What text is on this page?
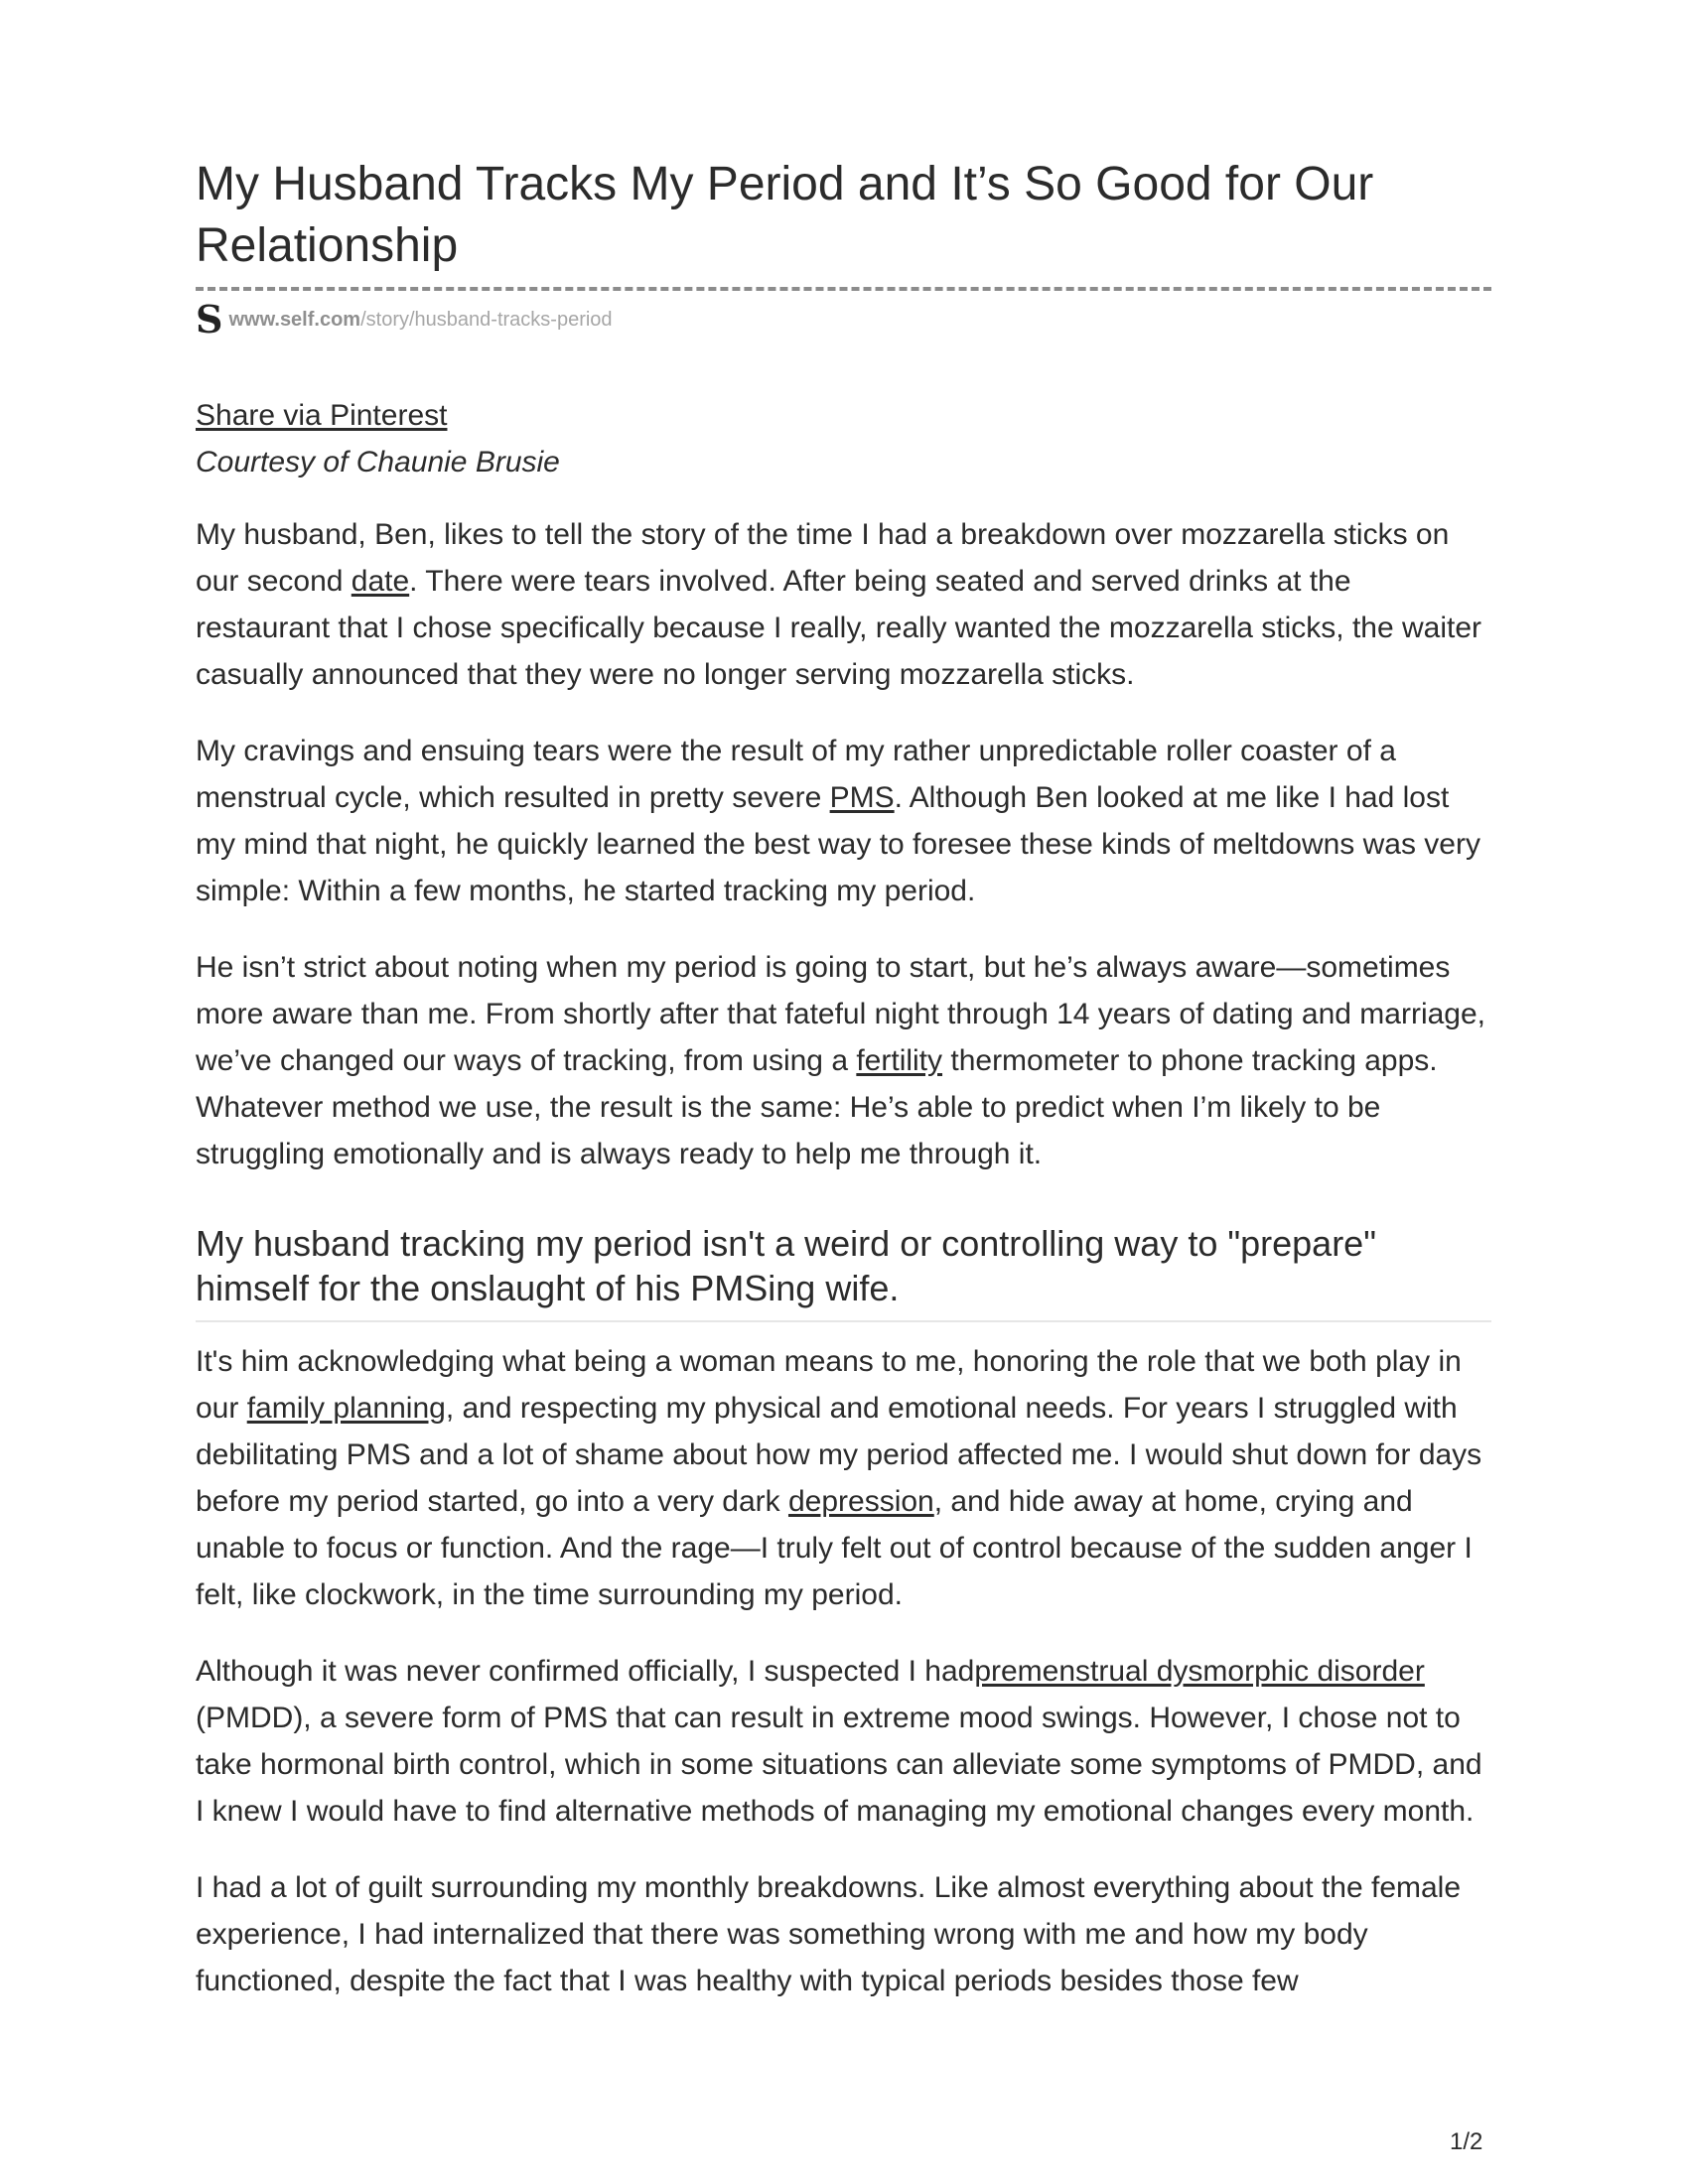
My Husband Tracks My Period and It’s So Good for Our Relationship
S www.self.com/story/husband-tracks-period
Share via Pinterest

Courtesy of Chaunie Brusie

My husband, Ben, likes to tell the story of the time I had a breakdown over mozzarella sticks on our second date. There were tears involved. After being seated and served drinks at the restaurant that I chose specifically because I really, really wanted the mozzarella sticks, the waiter casually announced that they were no longer serving mozzarella sticks.

My cravings and ensuing tears were the result of my rather unpredictable roller coaster of a menstrual cycle, which resulted in pretty severe PMS. Although Ben looked at me like I had lost my mind that night, he quickly learned the best way to foresee these kinds of meltdowns was very simple: Within a few months, he started tracking my period.

He isn’t strict about noting when my period is going to start, but he’s always aware—sometimes more aware than me. From shortly after that fateful night through 14 years of dating and marriage, we’ve changed our ways of tracking, from using a fertility thermometer to phone tracking apps. Whatever method we use, the result is the same: He’s able to predict when I’m likely to be struggling emotionally and is always ready to help me through it.

My husband tracking my period isn't a weird or controlling way to "prepare" himself for the onslaught of his PMSing wife.

It's him acknowledging what being a woman means to me, honoring the role that we both play in our family planning, and respecting my physical and emotional needs. For years I struggled with debilitating PMS and a lot of shame about how my period affected me. I would shut down for days before my period started, go into a very dark depression, and hide away at home, crying and unable to focus or function. And the rage—I truly felt out of control because of the sudden anger I felt, like clockwork, in the time surrounding my period.

Although it was never confirmed officially, I suspected I hadpremenstrual dysmorphic disorder (PMDD), a severe form of PMS that can result in extreme mood swings. However, I chose not to take hormonal birth control, which in some situations can alleviate some symptoms of PMDD, and I knew I would have to find alternative methods of managing my emotional changes every month.

I had a lot of guilt surrounding my monthly breakdowns. Like almost everything about the female experience, I had internalized that there was something wrong with me and how my body functioned, despite the fact that I was healthy with typical periods besides those few

1/2
